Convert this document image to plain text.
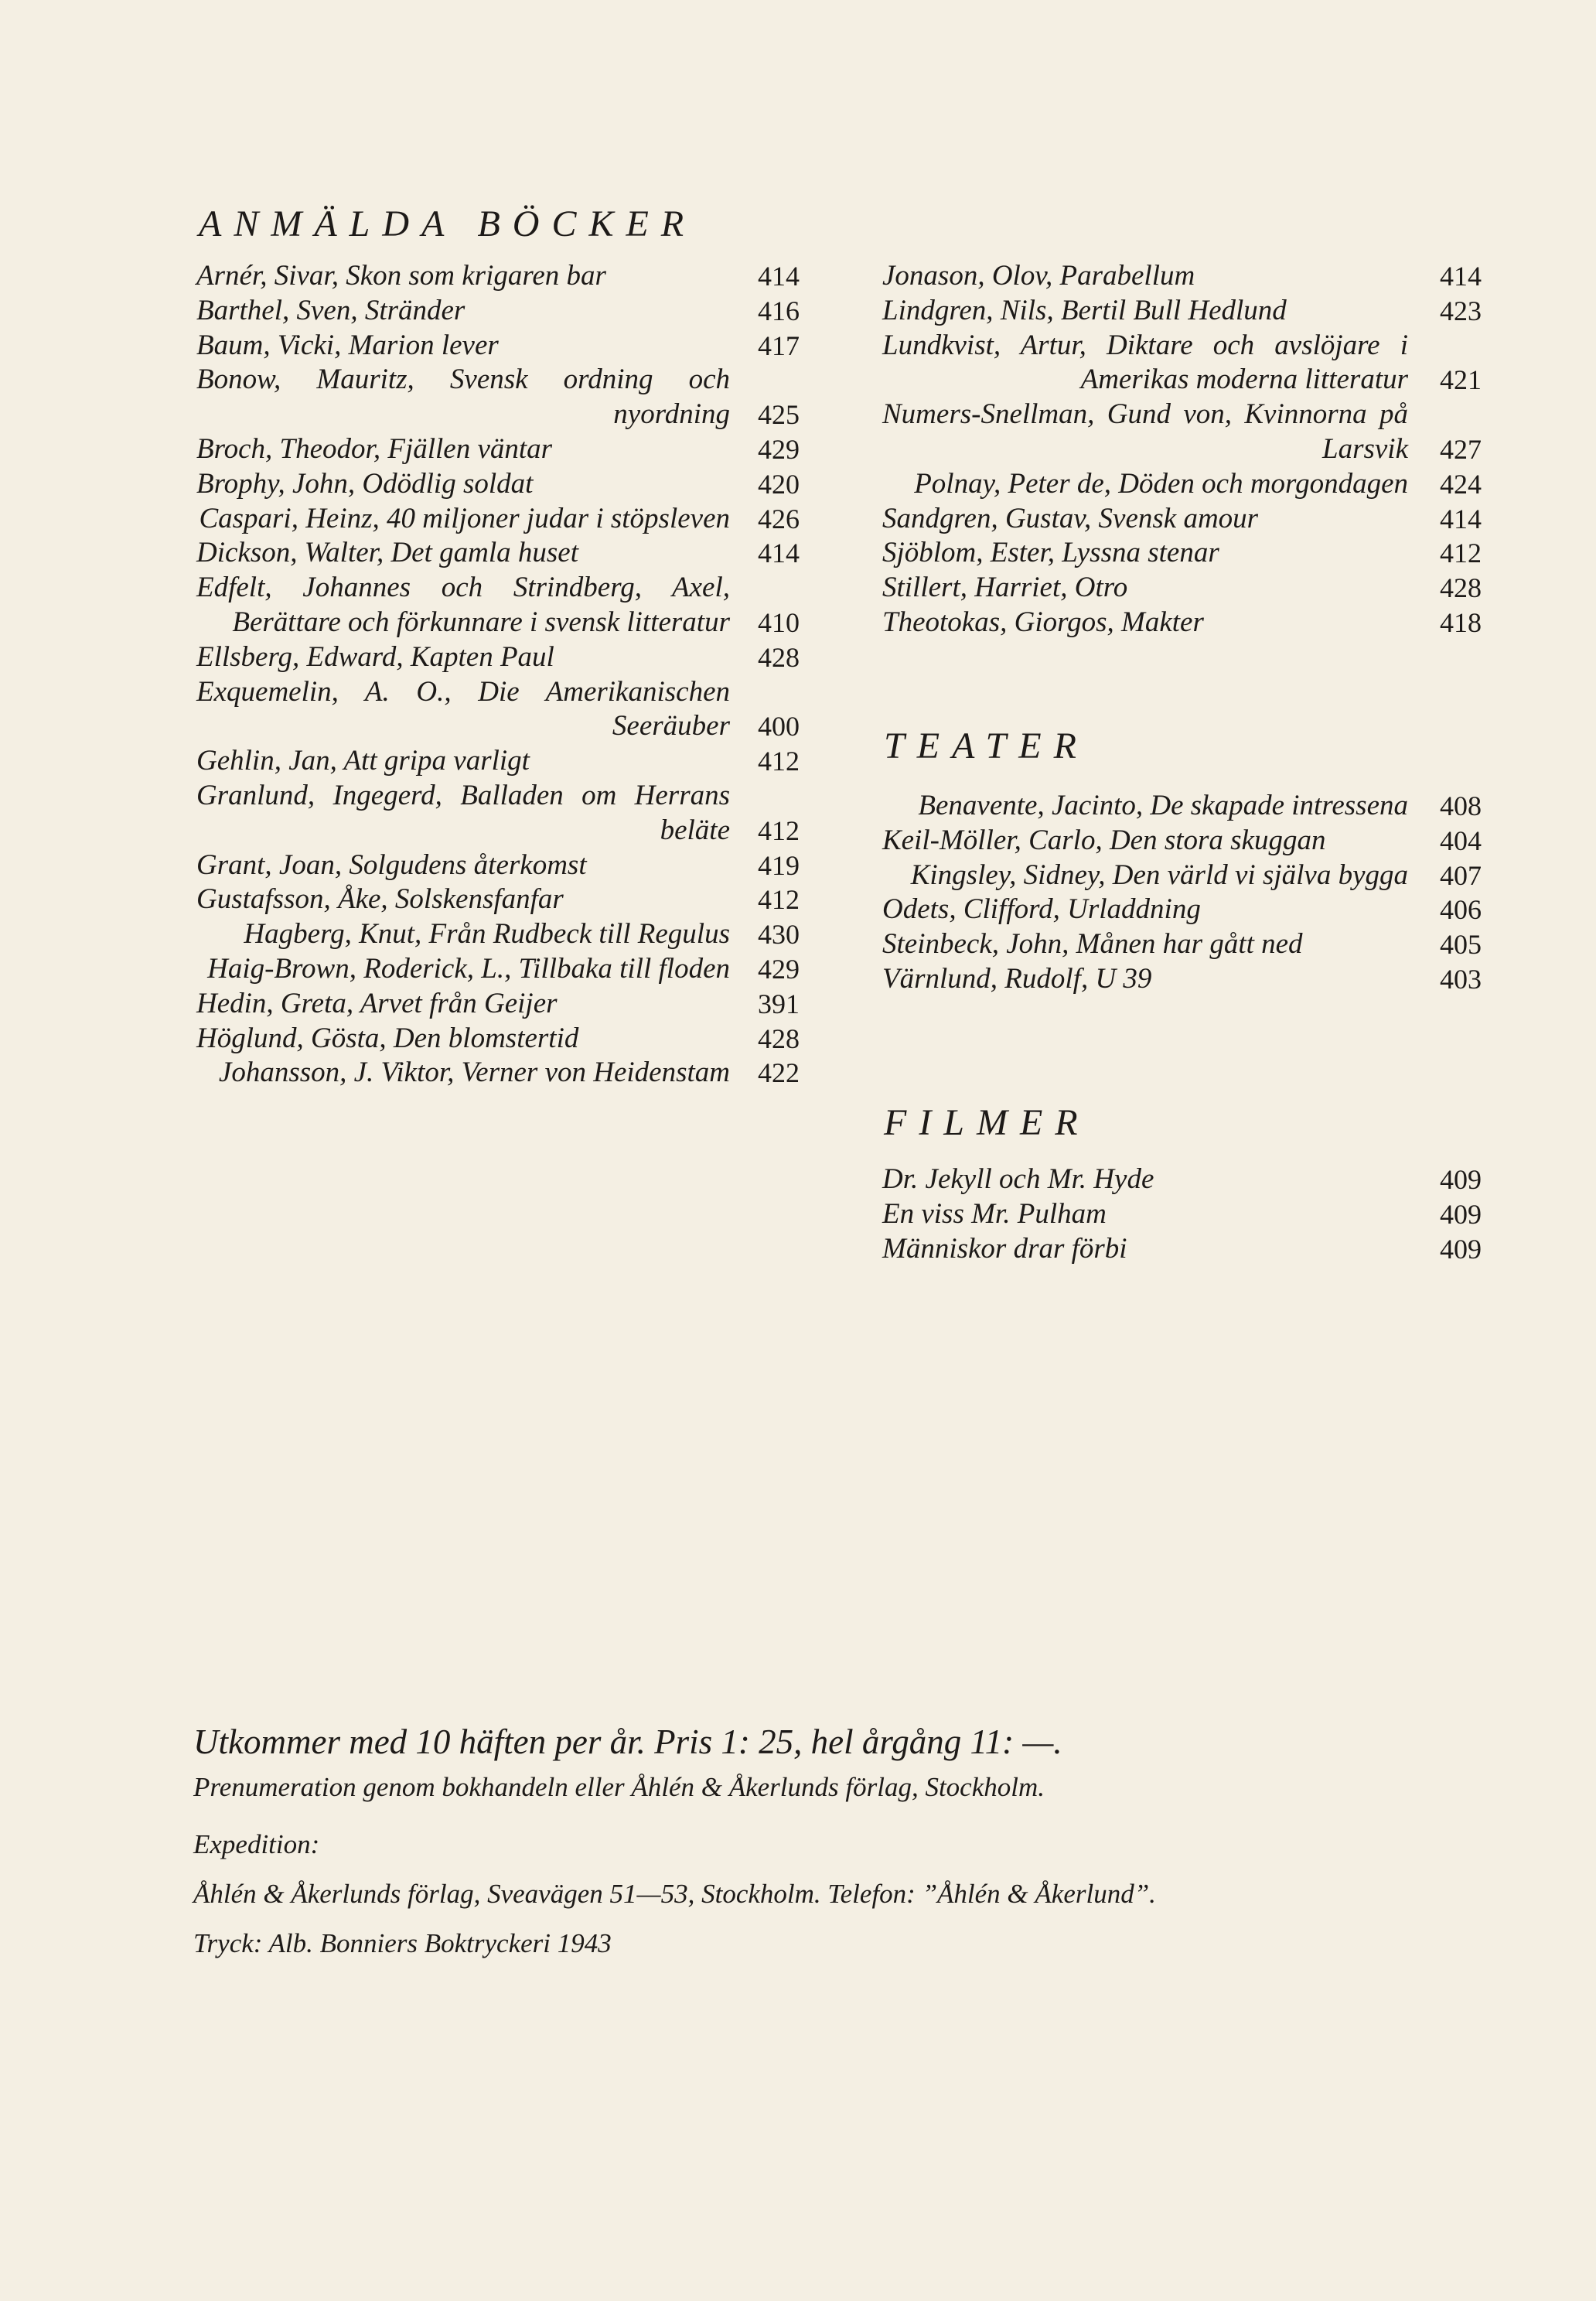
ANMÄLDA BÖCKER
Arnér, Sivar, Skon som krigaren bar	414
Barthel, Sven, Stränder	416
Baum, Vicki, Marion lever	417
Bonow, Mauritz, Svensk ordning och nyordning	425
Broch, Theodor, Fjällen väntar	429
Brophy, John, Odödlig soldat	420
Caspari, Heinz, 40 miljoner judar i stöpsleven	426
Dickson, Walter, Det gamla huset	414
Edfelt, Johannes och Strindberg, Axel, Berättare och förkunnare i svensk litteratur	410
Ellsberg, Edward, Kapten Paul	428
Exquemelin, A. O., Die Amerikanischen Seeräuber	400
Gehlin, Jan, Att gripa varligt	412
Granlund, Ingegerd, Balladen om Herrans beläte	412
Grant, Joan, Solgudens återkomst	419
Gustafsson, Åke, Solskensfanfar	412
Hagberg, Knut, Från Rudbeck till Regulus	430
Haig-Brown, Roderick, L., Tillbaka till floden	429
Hedin, Greta, Arvet från Geijer	391
Höglund, Gösta, Den blomstertid	428
Johansson, J. Viktor, Verner von Heidenstam	422
Jonason, Olov, Parabellum	414
Lindgren, Nils, Bertil Bull Hedlund	423
Lundkvist, Artur, Diktare och avslöjare i Amerikas moderna litteratur	421
Numers-Snellman, Gund von, Kvinnorna på Larsvik	427
Polnay, Peter de, Döden och morgondagen	424
Sandgren, Gustav, Svensk amour	414
Sjöblom, Ester, Lyssna stenar	412
Stillert, Harriet, Otro	428
Theotokas, Giorgos, Makter	418
TEATER
Benavente, Jacinto, De skapade intressena	408
Keil-Möller, Carlo, Den stora skuggan	404
Kingsley, Sidney, Den värld vi själva bygga	407
Odets, Clifford, Urladdning	406
Steinbeck, John, Månen har gått ned	405
Värnlund, Rudolf, U 39	403
FILMER
Dr. Jekyll och Mr. Hyde	409
En viss Mr. Pulham	409
Människor drar förbi	409

Utkommer med 10 häften per år. Pris 1: 25, hel årgång 11: —.

Prenumeration genom bokhandeln eller Åhlén & Åkerlunds förlag, Stockholm.

Expedition:

Åhlén & Åkerlunds förlag, Sveavägen 51—53, Stockholm. Telefon: ”Åhlén & Åkerlund”.

Tryck: Alb. Bonniers Boktryckeri 1943
